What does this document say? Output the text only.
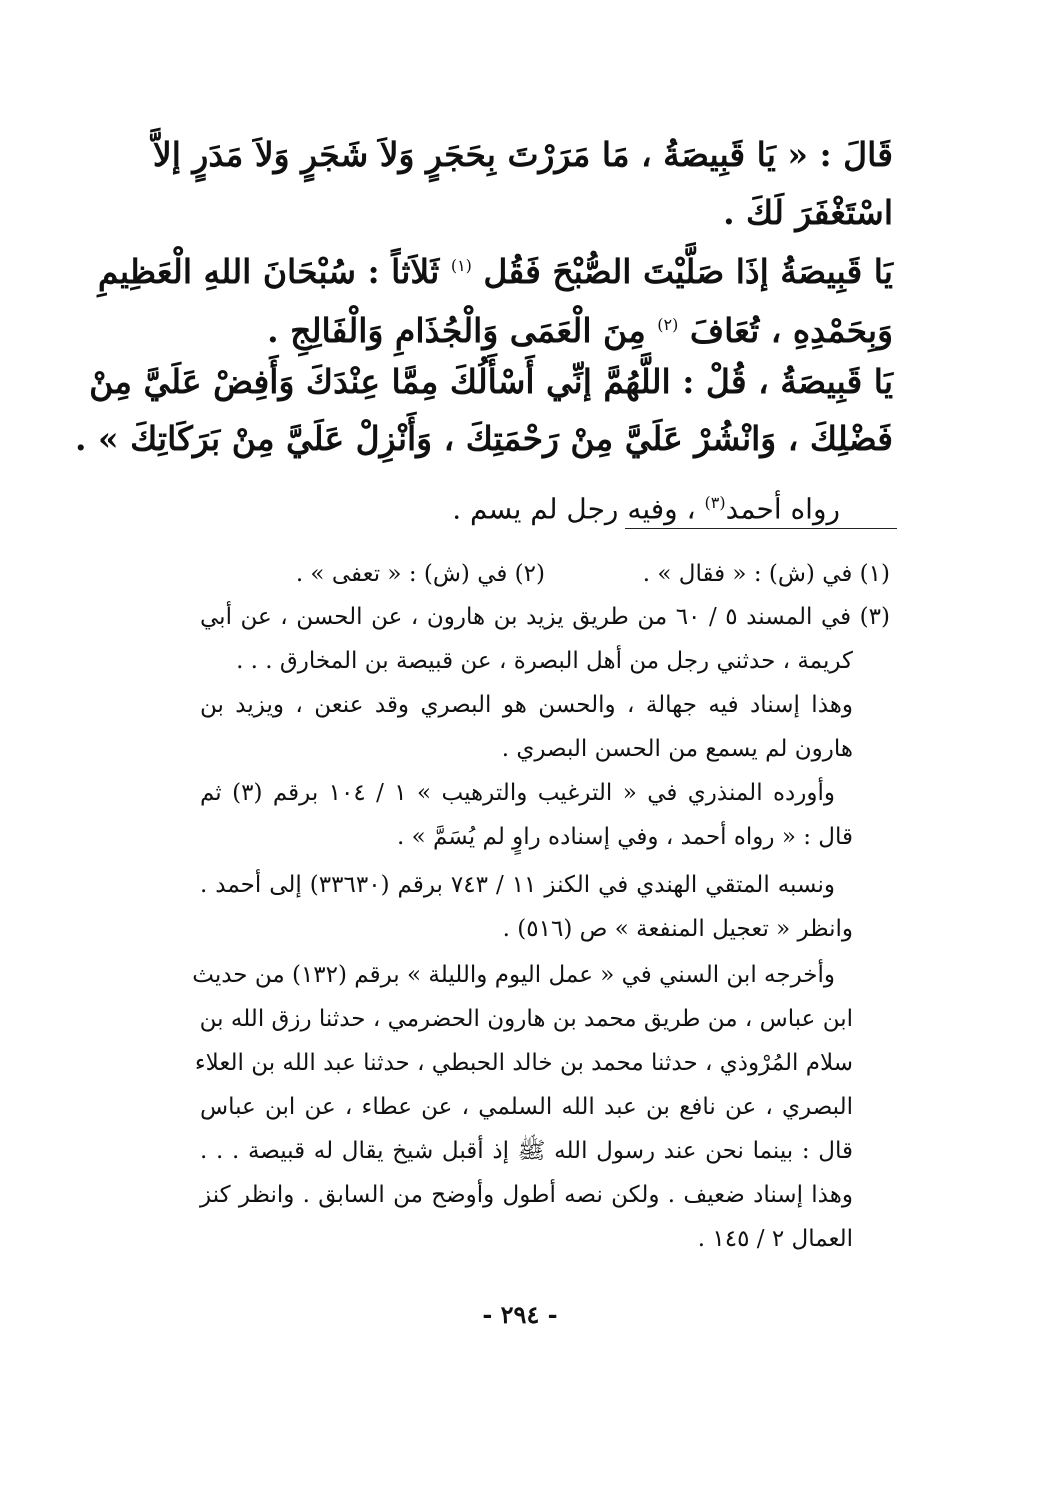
قَالَ : « يَا قَبِيصَةُ ، مَا مَرَرْتَ بِحَجَرٍ وَلاَ شَجَرٍ وَلاَ مَدَرٍ إلاَّ
اسْتَغْفَرَ لَكَ .
يَا قَبِيصَةُ إذَا صَلَّيْتَ الصُّبْحَ فَقُل $^{(١)}$ ثَلاَثاً : سُبْحَانَ اللهِ الْعَظِيمِ
وَبِحَمْدِهِ ، تُعَافَ $^{(٢)}$ مِنَ الْعَمَى وَالْجُذَامِ وَالْفَالِجِ .
يَا قَبِيصَةُ ، قُلْ : اللَّهُمَّ إنِّي أَسْأَلُكَ مِمَّا عِنْدَكَ وَأَفِضْ عَلَيَّ مِنْ
فَضْلِكَ ، وَانْشُرْ عَلَيَّ مِنْ رَحْمَتِكَ ، وَأَنْزِلْ عَلَيَّ مِنْ بَرَكَاتِكَ » .
رواه أحمد$^{(٣)}$ ، وفيه رجل لم يسم .
(١) في (ش) : « فقال » .
(٢) في (ش) : « تعفى » .
(٣) في المسند ٥ / ٦٠ من طريق يزيد بن هارون ، عن الحسن ، عن أبي
كريمة ، حدثني رجل من أهل البصرة ، عن قبيصة بن المخارق . . .
وهذا إسناد فيه جهالة ، والحسن هو البصري وقد عنعن ، ويزيد بن
هارون لم يسمع من الحسن البصري .
وأورده المنذري في « الترغيب والترهيب » ١ / ١٠٤ برقم (٣) ثم
قال : « رواه أحمد ، وفي إسناده راوٍ لم يُسَمَّ » .
ونسبه المتقي الهندي في الكنز ١١ / ٧٤٣ برقم (٣٣٦٣٠) إلى أحمد .
وانظر « تعجيل المنفعة » ص (٥١٦) .
وأخرجه ابن السني في « عمل اليوم والليلة » برقم (١٣٢) من حديث
ابن عباس ، من طريق محمد بن هارون الحضرمي ، حدثنا رزق الله بن
سلام المُرْوذي ، حدثنا محمد بن خالد الحبطي ، حدثنا عبد الله بن العلاء
البصري ، عن نافع بن عبد الله السلمي ، عن عطاء ، عن ابن عباس
قال : بينما نحن عند رسول الله ﷺ إذ أقبل شيخ يقال له قبيصة . . .
وهذا إسناد ضعيف . ولكن نصه أطول وأوضح من السابق . وانظر كنز
العمال ٢ / ١٤٥ .
- ٢٩٤ -
